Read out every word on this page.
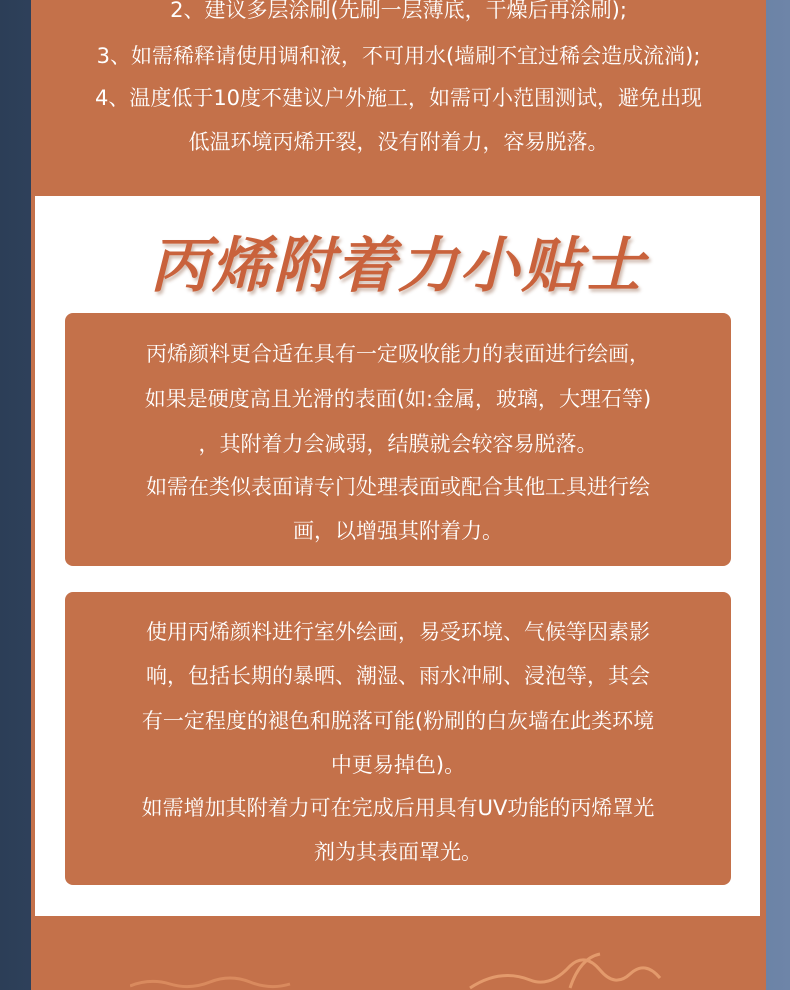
2、建议多层涂刷(先刷一层薄底，干燥后再涂刷);
3、如需稀释请使用调和液，不可用水(墙刷不宜过稀会造成流淌);
4、温度低于10度不建议户外施工，如需可小范围测试，避免出现
低温环境丙烯开裂，没有附着力，容易脱落。
丙烯附着力小贴士
丙烯颜料更合适在具有一定吸收能力的表面进行绘画，
如果是硬度高且光滑的表面(如:金属，玻璃，大理石等)
，其附着力会减弱，结膜就会较容易脱落。
如需在类似表面请专门处理表面或配合其他工具进行绘
画，以增强其附着力。
使用丙烯颜料进行室外绘画，易受环境、气候等因素影
响，包括长期的暴晒、潮湿、雨水冲刷、浸泡等，其会
有一定程度的褪色和脱落可能(粉刷的白灰墙在此类环境
中更易掉色)。
如需增加其附着力可在完成后用具有UV功能的丙烯罩光
剂为其表面罩光。
